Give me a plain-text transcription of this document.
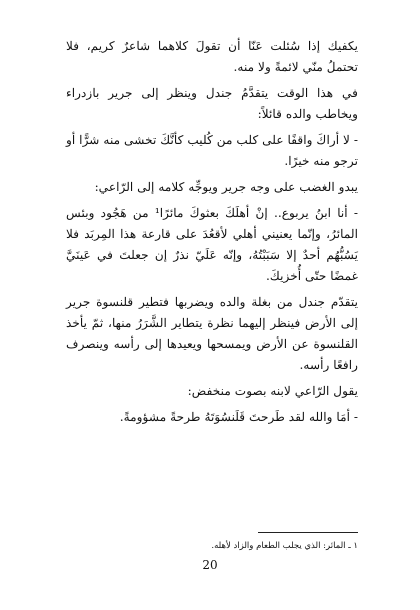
يكفيك إذا سُئلت عَنّا أن تقولَ كلاهما شاعرٌ كريم، فلا تحتملُ منّي لائمةً ولا منه.

في هذا الوقت يتقدَّمُ جندل وينظر إلى جرير بازدراء ويخاطب والده قائلاً:

- لا أراكَ واقفًا على كلب من كُليب كأنَّكَ تخشى منه شرًّا أو ترجو منه خيرًا.

يبدو الغضب على وجه جرير ويوجِّه كلامه إلى الرّاعي:

- أنا ابنُ يربوع.. إنْ أهلَكَ بعثوكَ مائرًا¹ من هَجُود وبئس المائرُ، وإنّما يعنيني أهلي لأقعُدَ على قارعة هذا المِربَد فلا يَسُبُّهُم أحدٌ إلا سَبَبْتُهُ، وإنّه عَلَيّ نذرٌ إن جعلتَ في عَينَيَّ غمضًا حتّى أُخزيكَ.

يتقدّم جندل من بغلة والده ويضربها فتطير قلنسوة جرير إلى الأرض فينظر إليهما نظرة يتطاير الشَّرَرُ منها، ثمّ يأخذ القلنسوة عن الأرض ويمسحها ويعيدها إلى رأسه وينصرف رافعًا رأسه.

يقول الرّاعي لابنه بصوت منخفض:

- أمَا والله لقد طَرحتَ قَلَنسُوَتَهُ طرحةً مشؤومةً.

١ ـ المائر: الذي يجلب الطعام والزاد لأهله.
20
